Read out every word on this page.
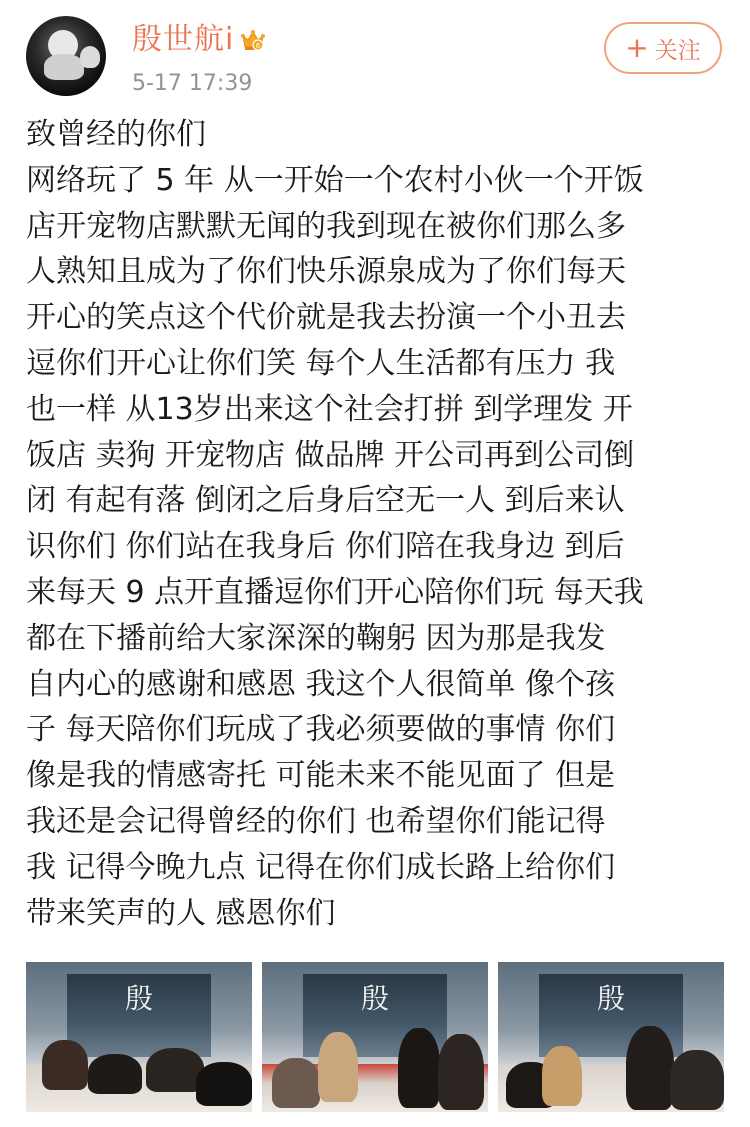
殷世航i	6
5-17 17:39
+ 关注
致曾经的你们
网络玩了 5 年 从一开始一个农村小伙一个开饭
店开宠物店默默无闻的我到现在被你们那么多
人熟知且成为了你们快乐源泉成为了你们每天
开心的笑点这个代价就是我去扮演一个小丑去
逗你们开心让你们笑 每个人生活都有压力 我
也一样 从13岁出来这个社会打拼 到学理发 开
饭店 卖狗 开宠物店 做品牌 开公司再到公司倒
闭 有起有落 倒闭之后身后空无一人 到后来认
识你们 你们站在我身后 你们陪在我身边 到后
来每天 9 点开直播逗你们开心陪你们玩 每天我
都在下播前给大家深深的鞠躬 因为那是我发
自内心的感谢和感恩 我这个人很简单 像个孩
子 每天陪你们玩成了我必须要做的事情 你们
像是我的情感寄托 可能未来不能见面了 但是
我还是会记得曾经的你们 也希望你们能记得
我 记得今晚九点 记得在你们成长路上给你们
带来笑声的人 感恩你们
殷	殷	殷
